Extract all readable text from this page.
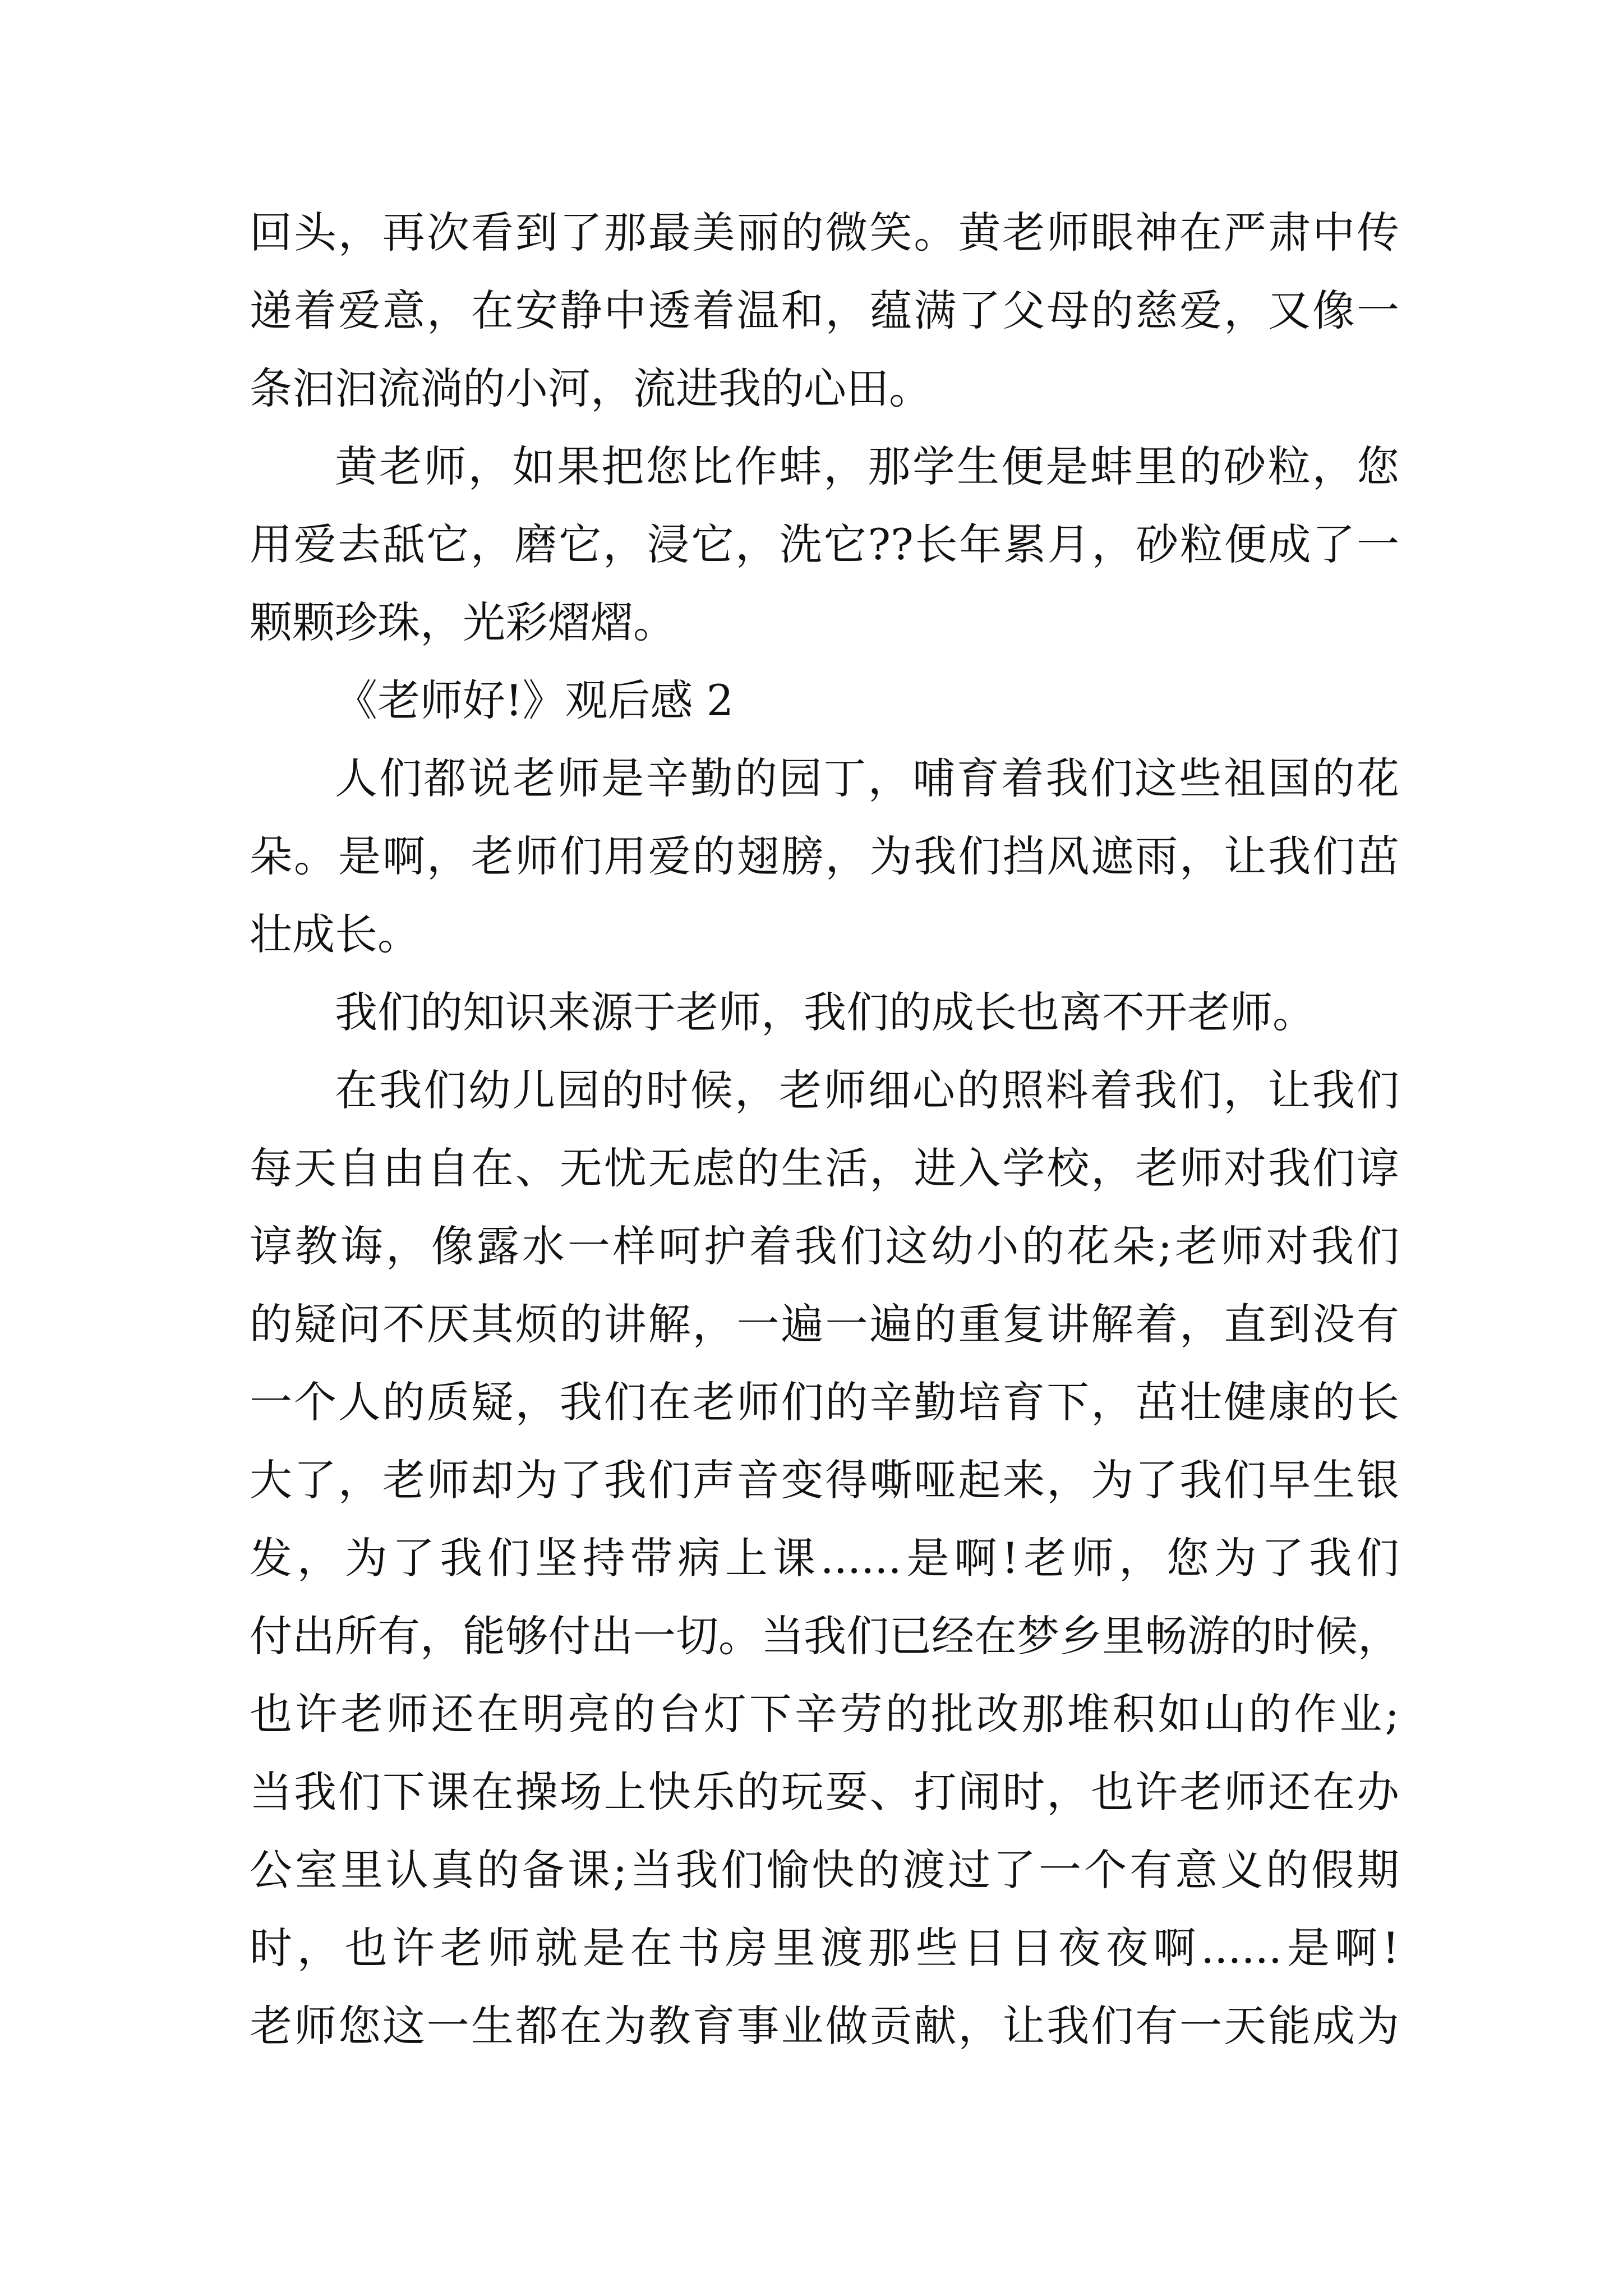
回头，再次看到了那最美丽的微笑。黄老师眼神在严肃中传
递着爱意，在安静中透着温和，蕴满了父母的慈爱，又像一
条汩汩流淌的小河，流进我的心田。
黄老师，如果把您比作蚌，那学生便是蚌里的砂粒，您
用爱去舐它，磨它，浸它，洗它??长年累月，砂粒便成了一
颗颗珍珠，光彩熠熠。
《老师好!》观后感 2
人们都说老师是辛勤的园丁，哺育着我们这些祖国的花
朵。是啊，老师们用爱的翅膀，为我们挡风遮雨，让我们茁
壮成长。
我们的知识来源于老师，我们的成长也离不开老师。
在我们幼儿园的时候，老师细心的照料着我们，让我们
每天自由自在、无忧无虑的生活，进入学校，老师对我们谆
谆教诲，像露水一样呵护着我们这幼小的花朵;老师对我们
的疑问不厌其烦的讲解，一遍一遍的重复讲解着，直到没有
一个人的质疑，我们在老师们的辛勤培育下，茁壮健康的长
大了，老师却为了我们声音变得嘶哑起来，为了我们早生银
发，为了我们坚持带病上课......是啊!老师，您为了我们
付出所有，能够付出一切。当我们已经在梦乡里畅游的时候，
也许老师还在明亮的台灯下辛劳的批改那堆积如山的作业;
当我们下课在操场上快乐的玩耍、打闹时，也许老师还在办
公室里认真的备课;当我们愉快的渡过了一个有意义的假期
时，也许老师就是在书房里渡那些日日夜夜啊......是啊!
老师您这一生都在为教育事业做贡献，让我们有一天能成为
